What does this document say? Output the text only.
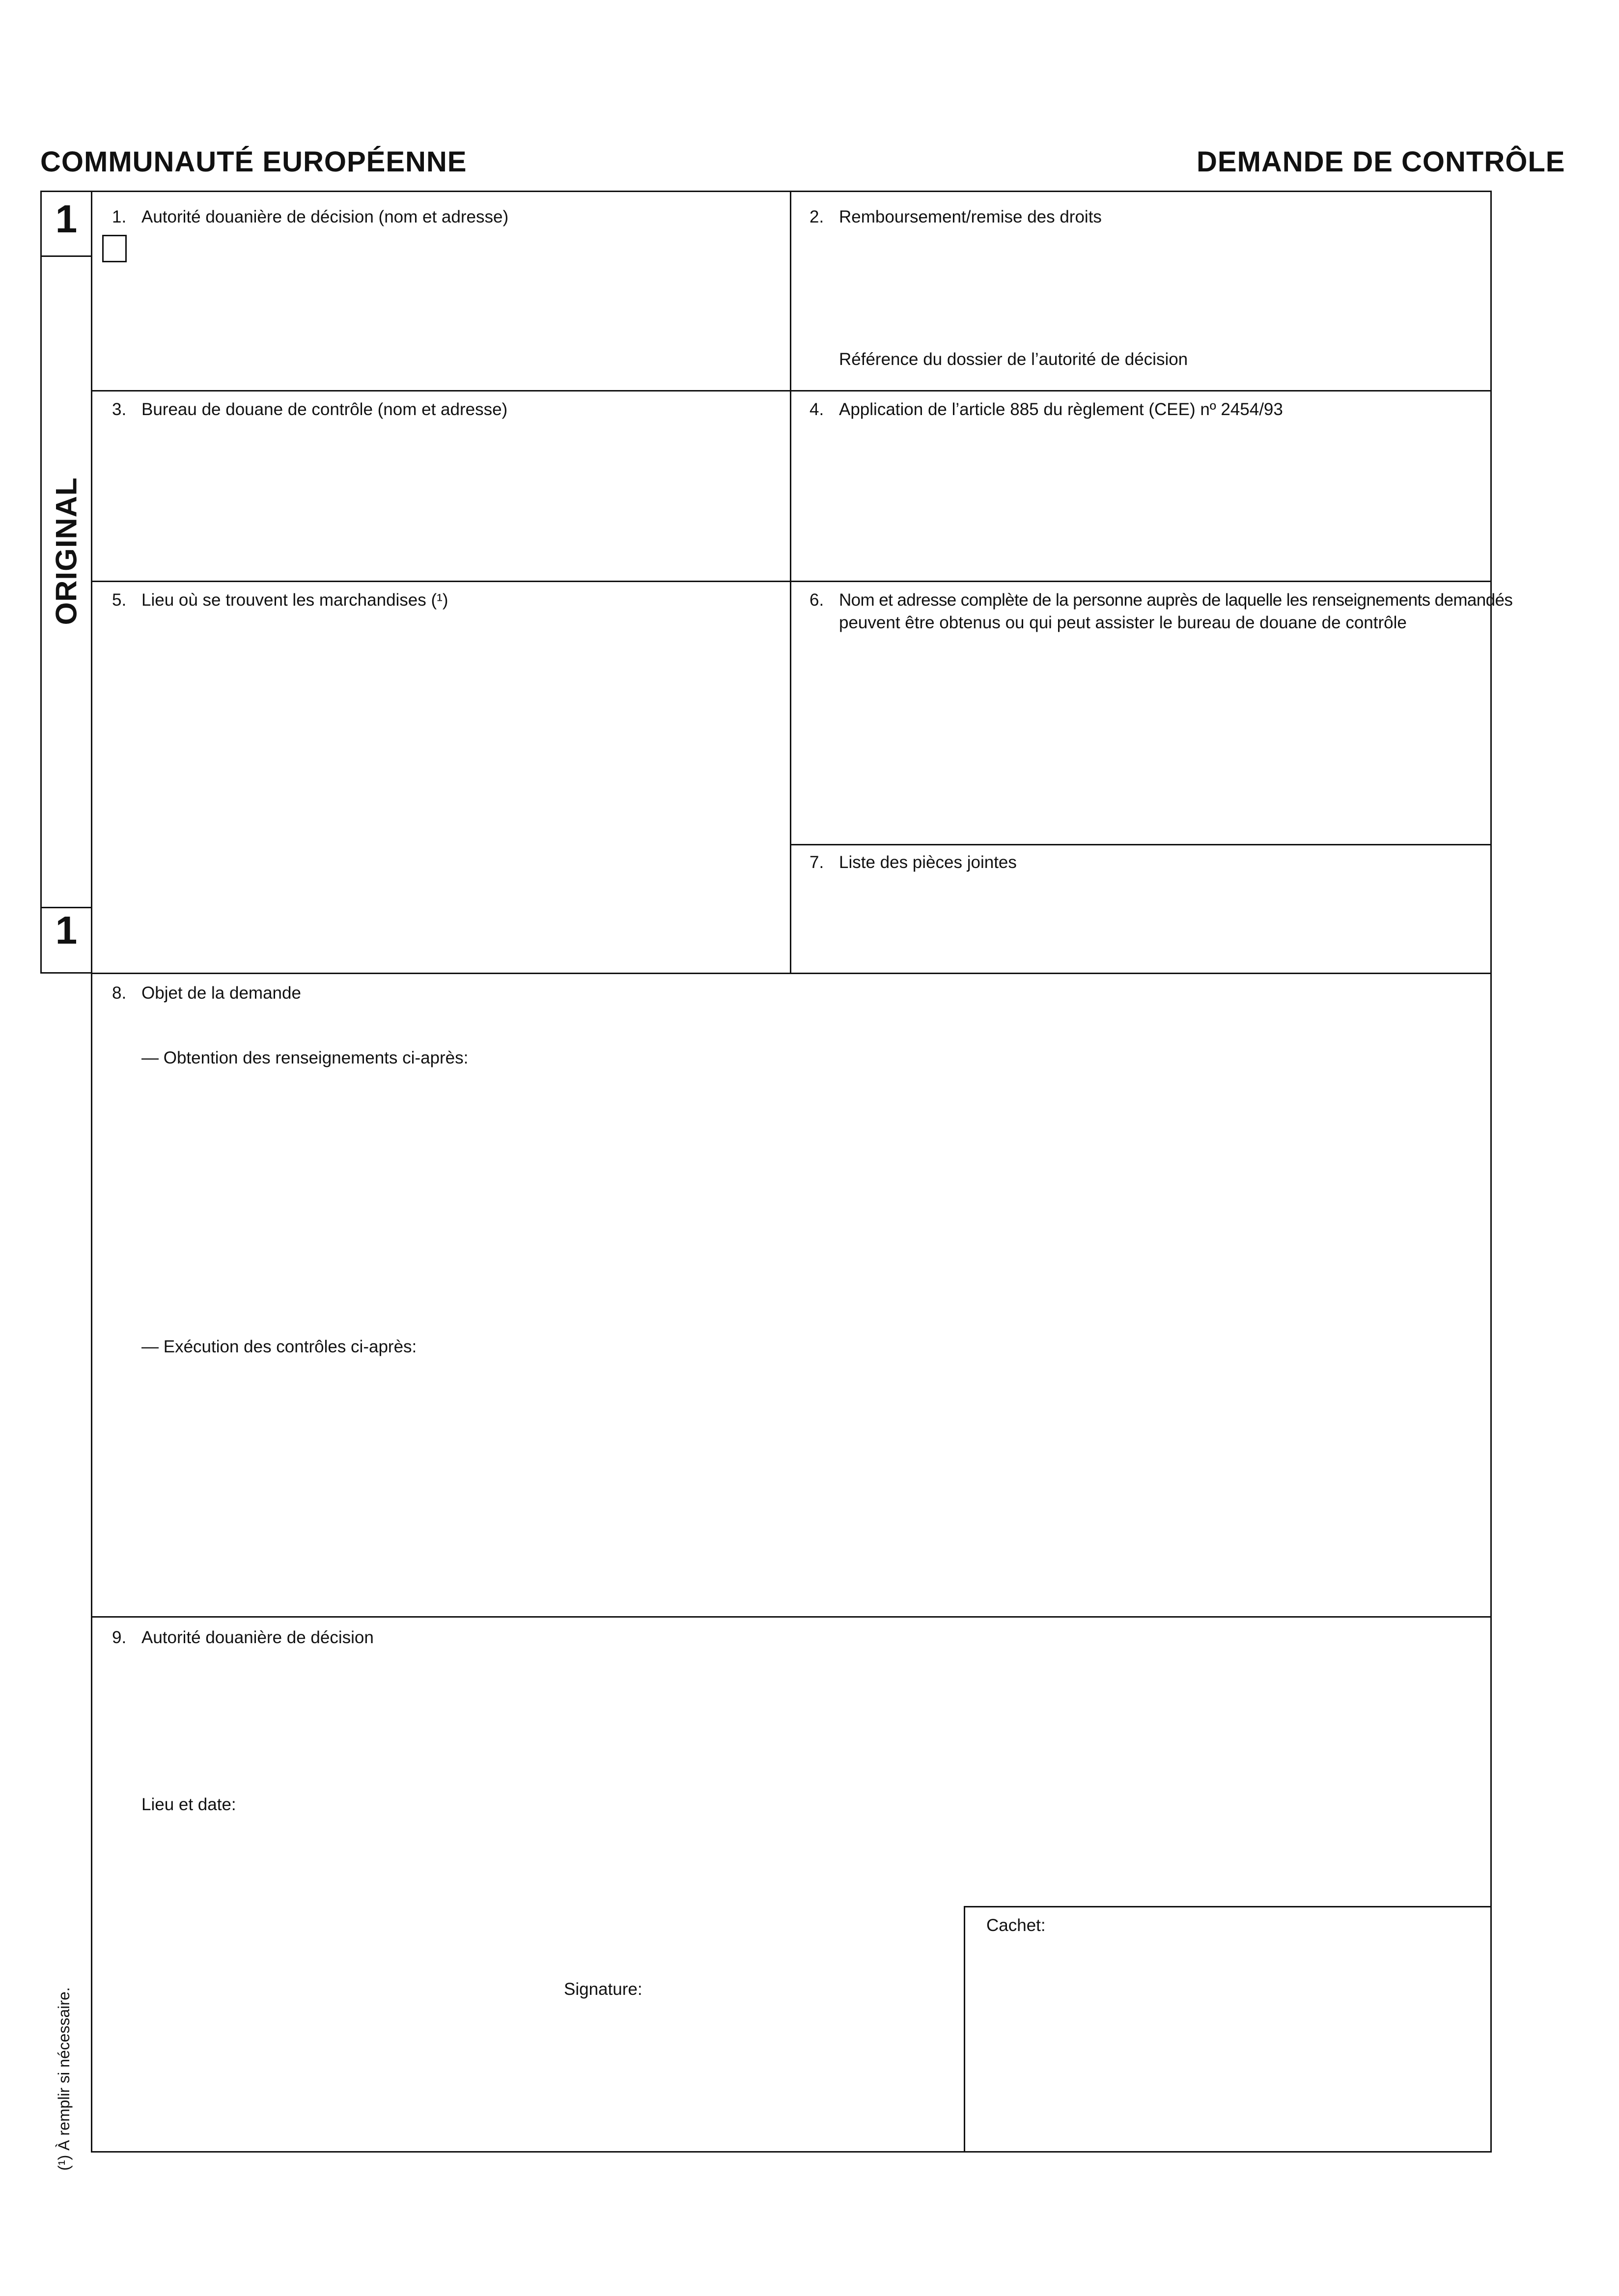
COMMUNAUTÉ EUROPÉENNE	DEMANDE DE CONTRÔLE
1
1
ORIGINAL
(¹) À remplir si nécessaire.
1. Autorité douanière de décision (nom et adresse)	2. Remboursement/remise des droits
Référence du dossier de l’autorité de décision
3. Bureau de douane de contrôle (nom et adresse)	4. Application de l’article 885 du règlement (CEE) nº 2454/93
5. Lieu où se trouvent les marchandises (¹)	6. Nom et adresse complète de la personne auprès de laquelle les renseignements demandés
peuvent être obtenus ou qui peut assister le bureau de douane de contrôle
7. Liste des pièces jointes
8. Objet de la demande
— Obtention des renseignements ci-après:
— Exécution des contrôles ci-après:
9. Autorité douanière de décision
Lieu et date:
Signature:
Cachet:
